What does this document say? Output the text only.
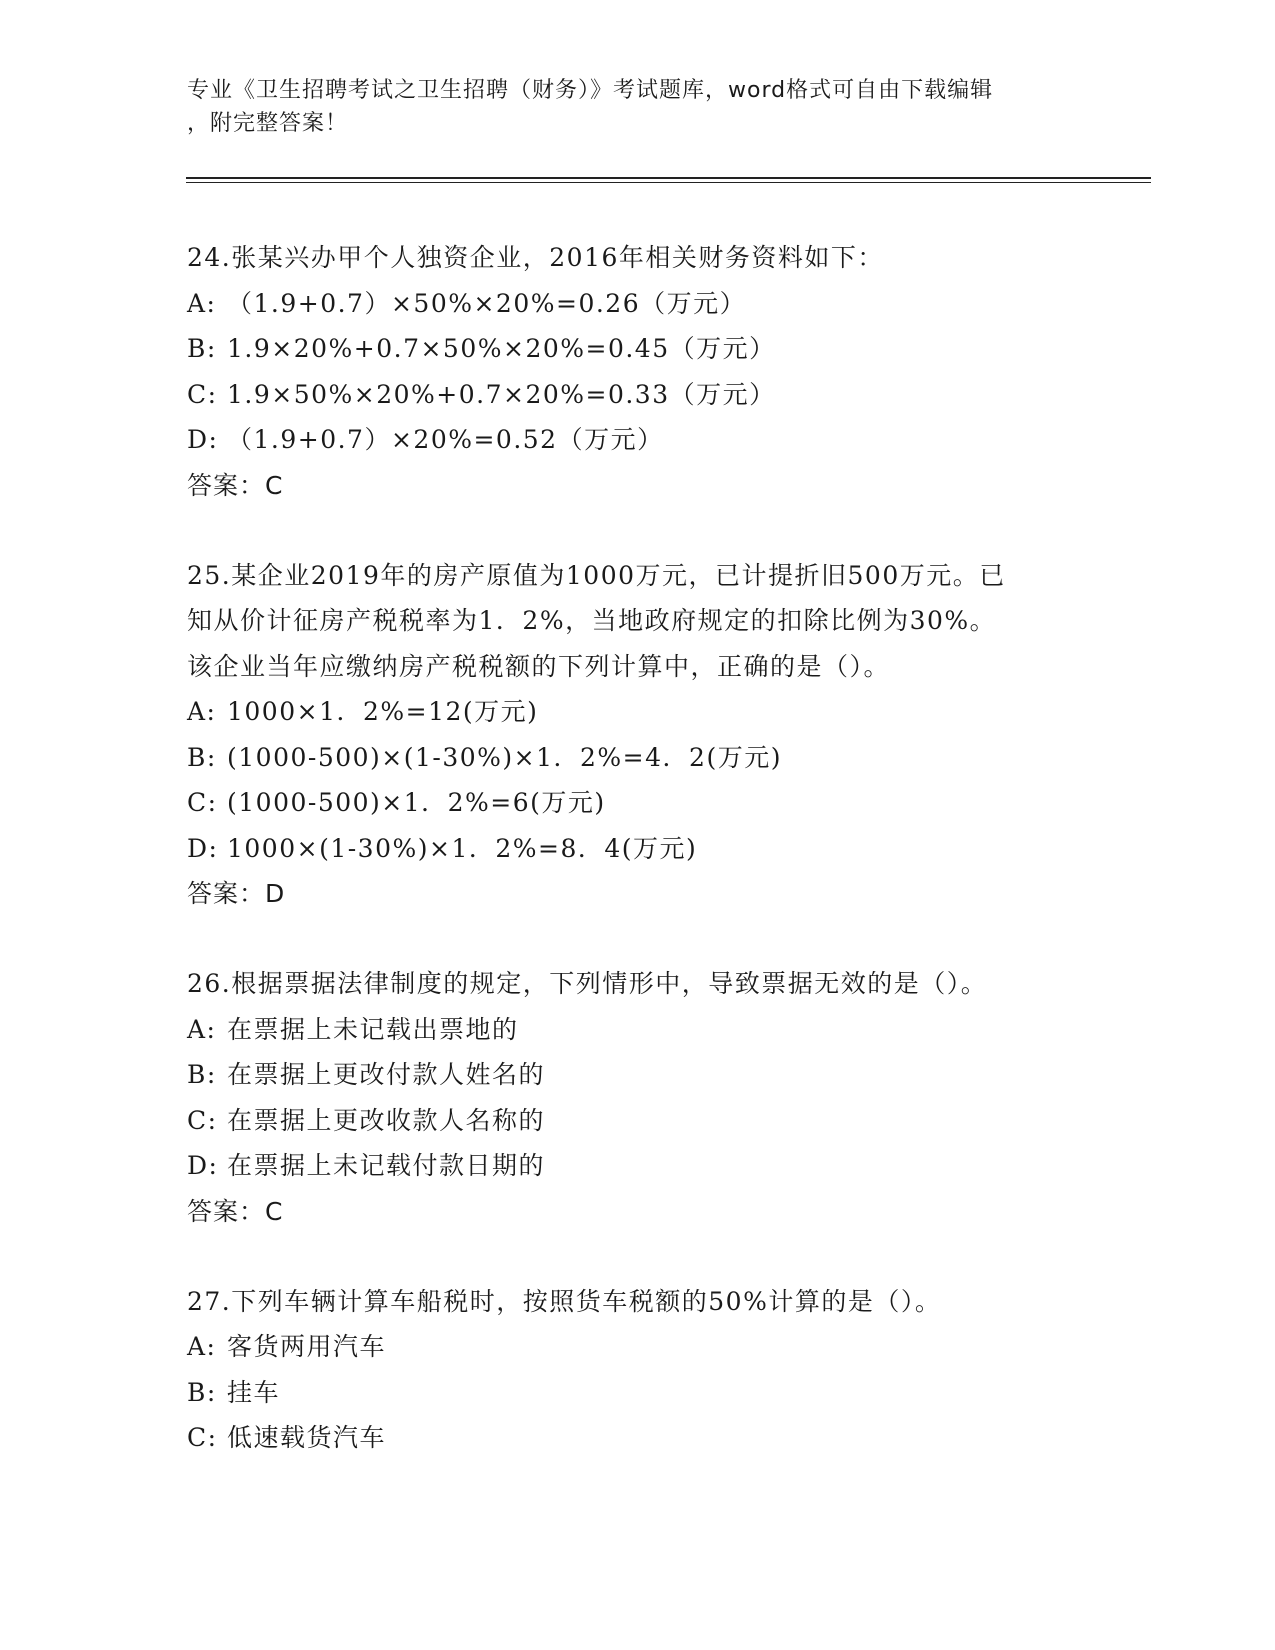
专业《卫生招聘考试之卫生招聘（财务）》考试题库，word格式可自由下载编辑
，附完整答案！
24.张某兴办甲个人独资企业，2016年相关财务资料如下：
A: （1.9+0.7）×50%×20%=0.26（万元）
B: 1.9×20%+0.7×50%×20%=0.45（万元）
C: 1.9×50%×20%+0.7×20%=0.33（万元）
D: （1.9+0.7）×20%=0.52（万元）
答案：C
25.某企业2019年的房产原值为1000万元，已计提折旧500万元。已
知从价计征房产税税率为1．2%，当地政府规定的扣除比例为30%。
该企业当年应缴纳房产税税额的下列计算中，正确的是（）。
A: 1000×1．2%=12(万元)
B: (1000-500)×(1-30%)×1．2%=4．2(万元)
C: (1000-500)×1．2%=6(万元)
D: 1000×(1-30%)×1．2%=8．4(万元)
答案：D
26.根据票据法律制度的规定，下列情形中，导致票据无效的是（）。
A: 在票据上未记载出票地的
B: 在票据上更改付款人姓名的
C: 在票据上更改收款人名称的
D: 在票据上未记载付款日期的
答案：C
27.下列车辆计算车船税时，按照货车税额的50%计算的是（）。
A: 客货两用汽车
B: 挂车
C: 低速载货汽车
